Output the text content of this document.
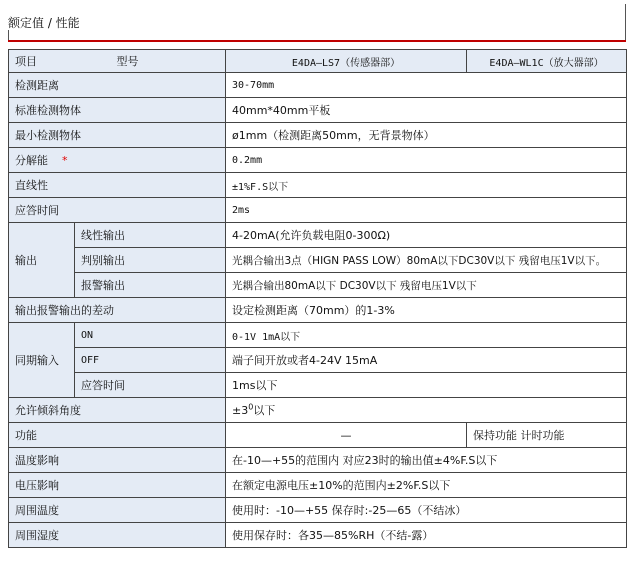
额定值 / 性能
项目 型号		E4DA—LS7（传感器部）	E4DA—WL1C（放大器部）
检测距离		30-70mm	
标准检测物体		40mm*40mm平板	
最小检测物体		ø1mm（检测距离50mm，无背景物体）	
分解能 *		0.2mm	
直线性		±1%F.S以下	
应答时间		2ms	
输出	线性输出	4-20mA(允许负载电阻0-300Ω)	
	判别输出	光耦合输出3点（HIGN PASS LOW）80mA以下DC30V以下 残留电压1V以下。	
	报警输出	光耦合输出80mA以下 DC30V以下 残留电压1V以下	
输出报警输出的差动		设定检测距离（70mm）的1-3%	
同期输入	ON	0-1V 1mA以下	
	OFF	端子间开放或者4-24V 15mA	
	应答时间	1ms以下	
允许倾斜角度		$\pm 3^0$以下	
功能		—	保持功能 计时功能
温度影响		在-10—+55的范围内 对应23时的输出值±4%F.S以下	
电压影响		在额定电源电压±10%的范围内±2%F.S以下	
周围温度		使用时：-10—+55 保存时:-25—65（不结冰）	
周围湿度		使用保存时：各35—85%RH（不结-露）	
